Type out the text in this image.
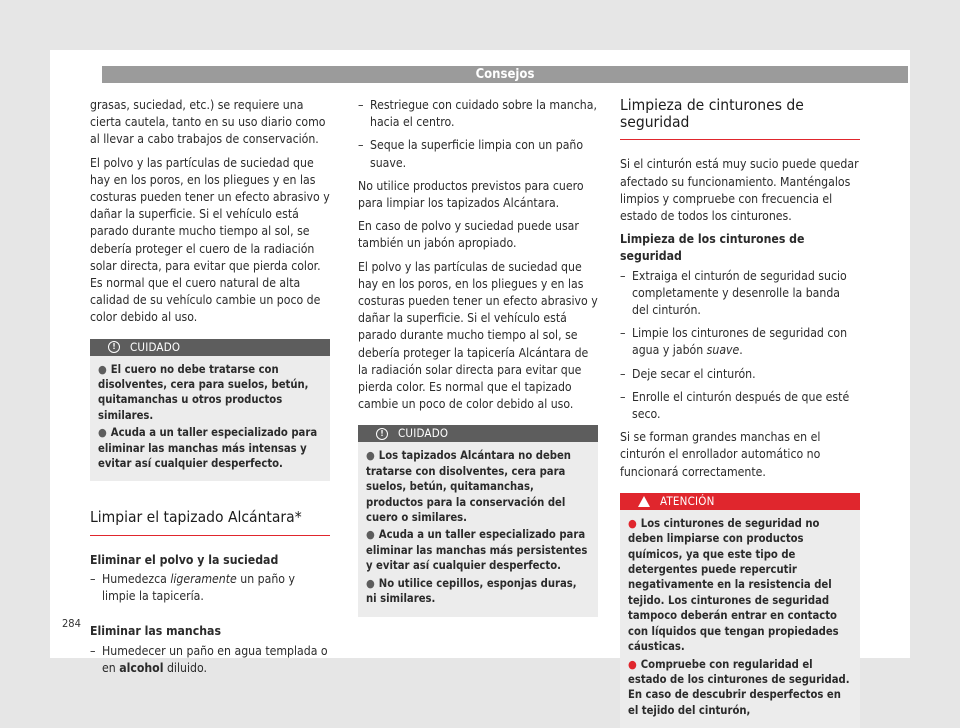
Consejos

grasas, suciedad, etc.) se requiere una cierta cautela, tanto en su uso diario como al llevar a cabo trabajos de conservación.

El polvo y las partículas de suciedad que hay en los poros, en los pliegues y en las costuras pueden tener un efecto abrasivo y dañar la superficie. Si el vehículo está parado durante mucho tiempo al sol, se debería proteger el cuero de la radiación solar directa, para evitar que pierda color. Es normal que el cuero natural de alta calidad de su vehículo cambie un poco de color debido al uso.

!	CUIDADO
● El cuero no debe tratarse con disolventes, cera para suelos, betún, quitamanchas u otros productos similares.
● Acuda a un taller especializado para eliminar las manchas más intensas y evitar así cualquier desperfecto.
Limpiar el tapizado Alcántara*
Eliminar el polvo y la suciedad
– Humedezca ligeramente un paño y limpie la tapicería.
Eliminar las manchas
– Humedecer un paño en agua templada o en alcohol diluido.
– Restriegue con cuidado sobre la mancha, hacia el centro.
– Seque la superficie limpia con un paño suave.

No utilice productos previstos para cuero para limpiar los tapizados Alcántara.

En caso de polvo y suciedad puede usar también un jabón apropiado.

El polvo y las partículas de suciedad que hay en los poros, en los pliegues y en las costuras pueden tener un efecto abrasivo y dañar la superficie. Si el vehículo está parado durante mucho tiempo al sol, se debería proteger la tapicería Alcántara de la radiación solar directa para evitar que pierda color. Es normal que el tapizado cambie un poco de color debido al uso.

!	CUIDADO
● Los tapizados Alcántara no deben tratarse con disolventes, cera para suelos, betún, quitamanchas, productos para la conservación del cuero o similares.
● Acuda a un taller especializado para eliminar las manchas más persistentes y evitar así cualquier desperfecto.
● No utilice cepillos, esponjas duras, ni similares.
Limpieza de cinturones de seguridad

Si el cinturón está muy sucio puede quedar afectado su funcionamiento. Manténgalos limpios y compruebe con frecuencia el estado de todos los cinturones.

Limpieza de los cinturones de seguridad
– Extraiga el cinturón de seguridad sucio completamente y desenrolle la banda del cinturón.
– Limpie los cinturones de seguridad con agua y jabón suave.
– Deje secar el cinturón.
– Enrolle el cinturón después de que esté seco.

Si se forman grandes manchas en el cinturón el enrollador automático no funcionará correctamente.

ATENCIÓN
● Los cinturones de seguridad no deben limpiarse con productos químicos, ya que este tipo de detergentes puede repercutir negativamente en la resistencia del tejido. Los cinturones de seguridad tampoco deberán entrar en contacto con líquidos que tengan propiedades cáusticas.
● Compruebe con regularidad el estado de los cinturones de seguridad. En caso de descubrir desperfectos en el tejido del cinturón,
284
